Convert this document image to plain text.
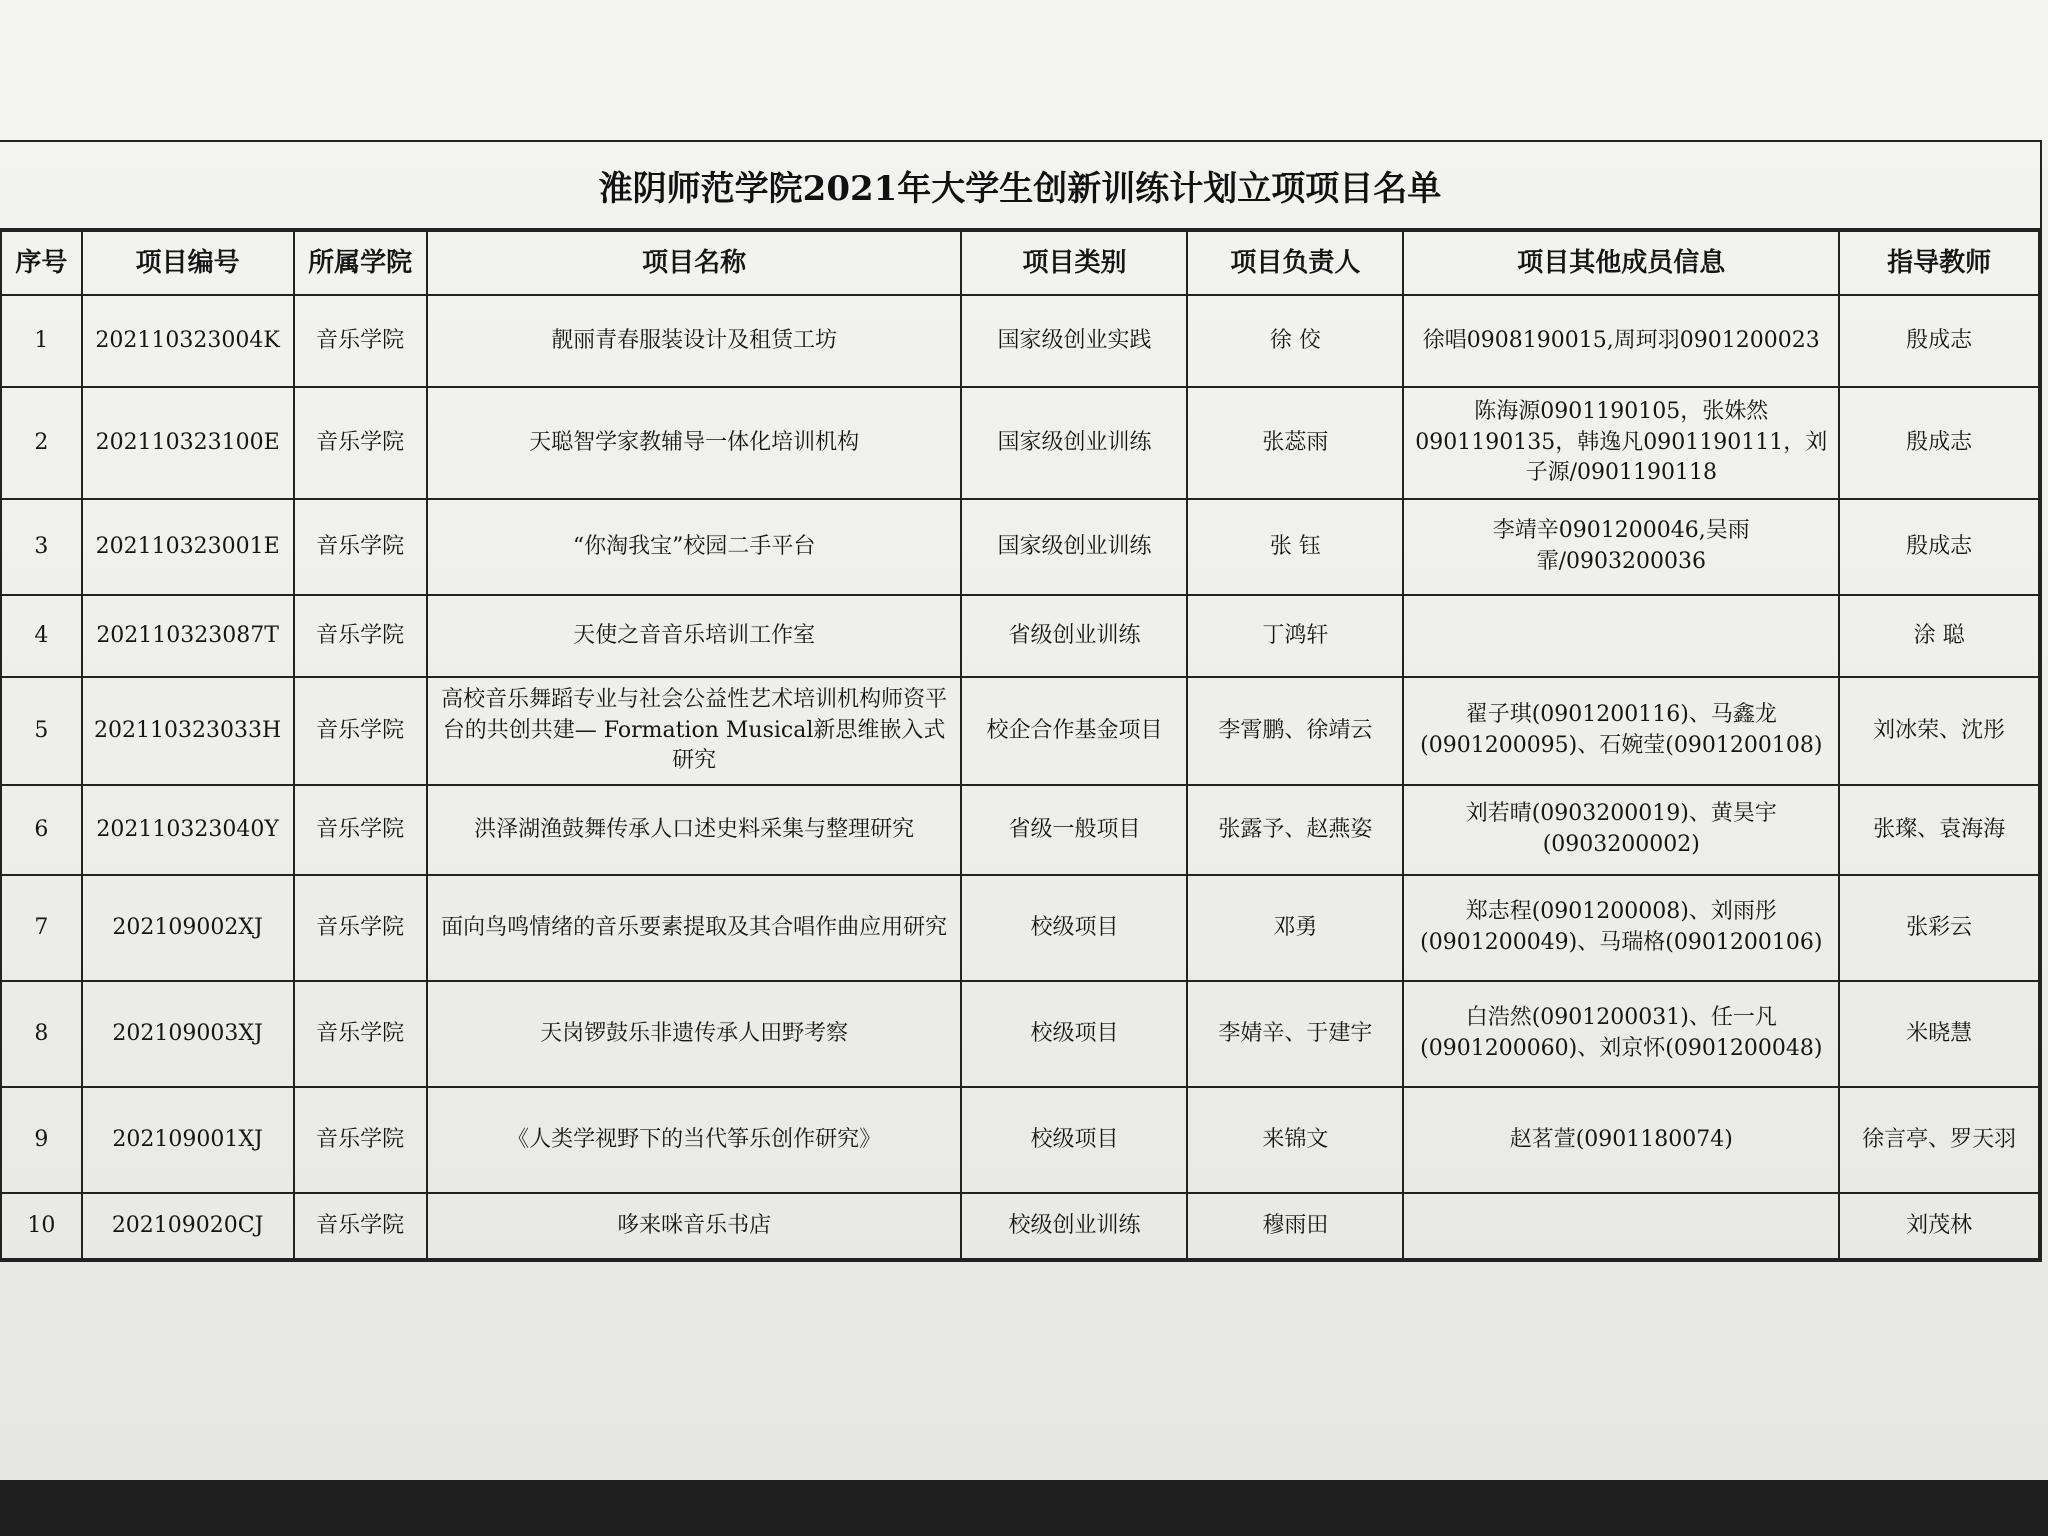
淮阴师范学院2021年大学生创新训练计划立项项目名单
序号	项目编号	所属学院	项目名称	项目类别	项目负责人	项目其他成员信息	指导教师
1	202110323004K	音乐学院	靓丽青春服装设计及租赁工坊	国家级创业实践	徐 佼	徐唱0908190015,周珂羽0901200023	殷成志
2	202110323100E	音乐学院	天聪智学家教辅导一体化培训机构	国家级创业训练	张蕊雨	陈海源0901190105，张姝然0901190135，韩逸凡0901190111，刘子源/0901190118	殷成志
3	202110323001E	音乐学院	“你淘我宝”校园二手平台	国家级创业训练	张 钰	李靖辛0901200046,吴雨霏/0903200036	殷成志
4	202110323087T	音乐学院	天使之音音乐培训工作室	省级创业训练	丁鸿轩		涂 聪
5	202110323033H	音乐学院	高校音乐舞蹈专业与社会公益性艺术培训机构师资平台的共创共建— Formation Musical新思维嵌入式研究	校企合作基金项目	李霄鹏、徐靖云	翟子琪(0901200116)、马鑫龙(0901200095)、石婉莹(0901200108)	刘冰荣、沈彤
6	202110323040Y	音乐学院	洪泽湖渔鼓舞传承人口述史料采集与整理研究	省级一般项目	张露予、赵燕姿	刘若晴(0903200019)、黄昊宇(0903200002)	张璨、袁海海
7	202109002XJ	音乐学院	面向鸟鸣情绪的音乐要素提取及其合唱作曲应用研究	校级项目	邓勇	郑志程(0901200008)、刘雨彤(0901200049)、马瑞格(0901200106)	张彩云
8	202109003XJ	音乐学院	天岗锣鼓乐非遗传承人田野考察	校级项目	李婧辛、于建宇	白浩然(0901200031)、任一凡(0901200060)、刘京怀(0901200048)	米晓慧
9	202109001XJ	音乐学院	《人类学视野下的当代筝乐创作研究》	校级项目	来锦文	赵茗萱(0901180074)	徐言亭、罗天羽
10	202109020CJ	音乐学院	哆来咪音乐书店	校级创业训练	穆雨田		刘茂林
